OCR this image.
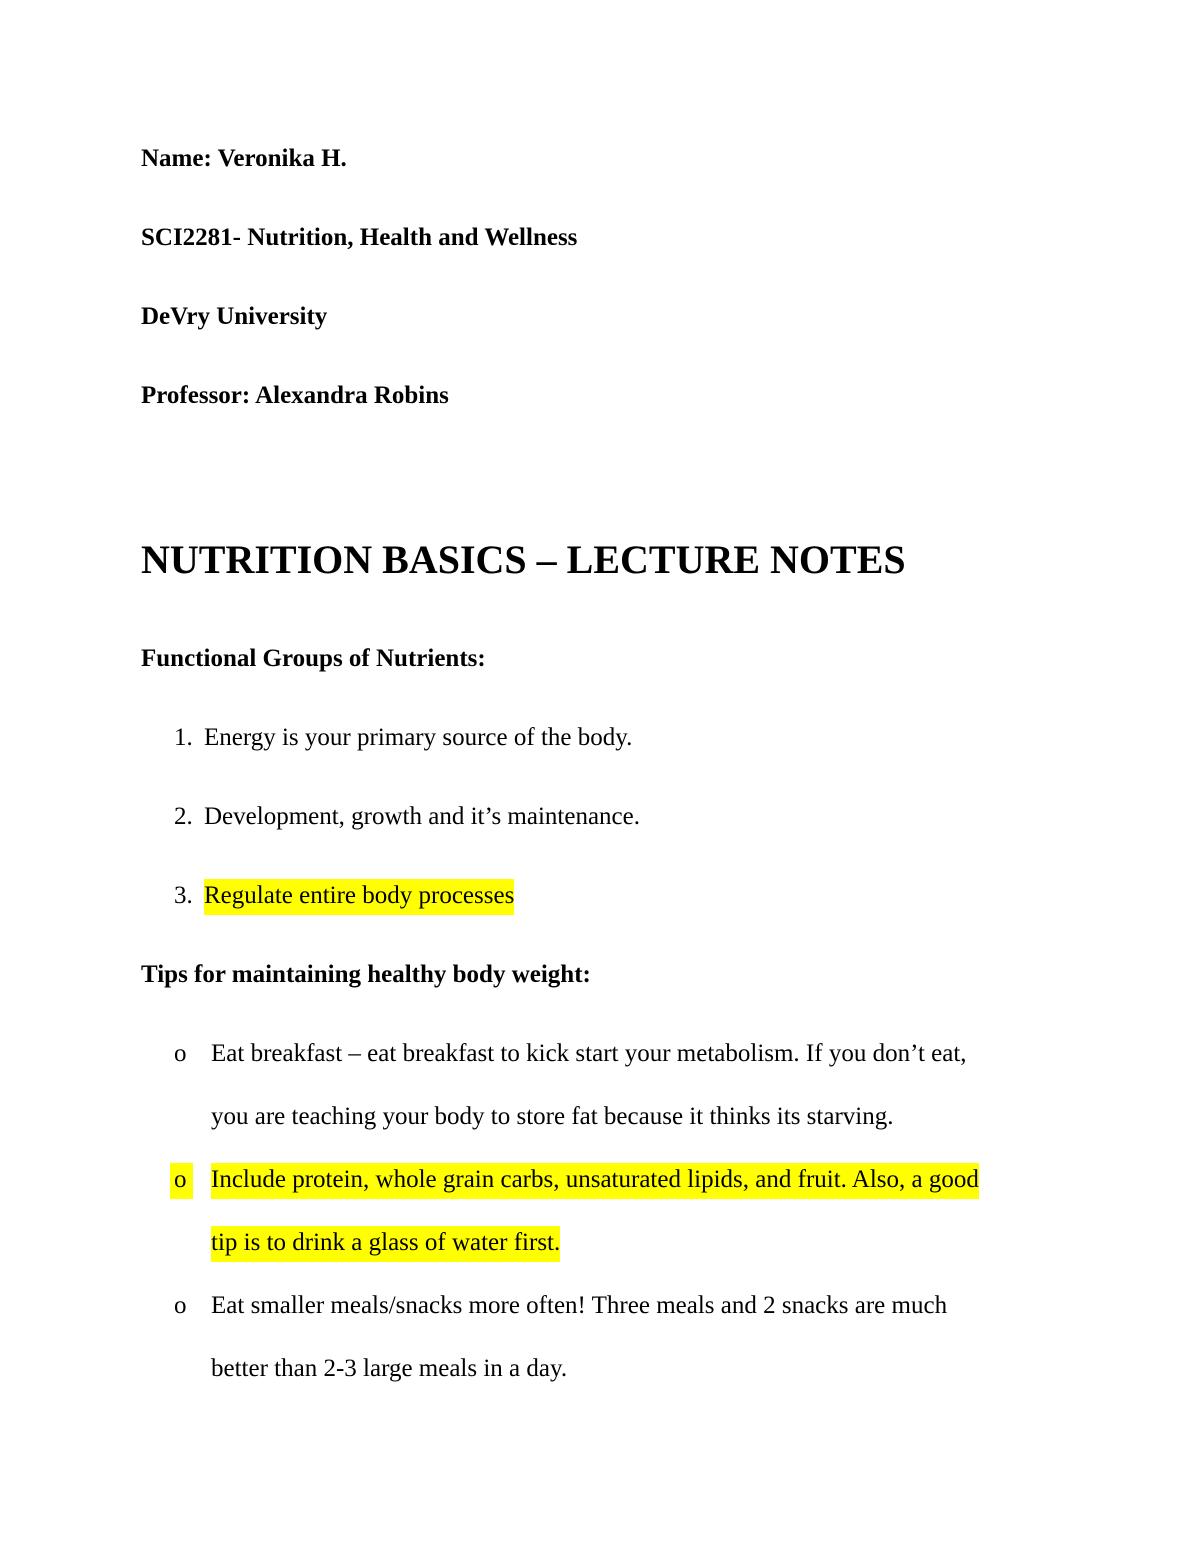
Name: Veronika H.
SCI2281- Nutrition, Health and Wellness
DeVry University
Professor: Alexandra Robins
NUTRITION BASICS – LECTURE NOTES
Functional Groups of Nutrients:
1. Energy is your primary source of the body.
2. Development, growth and it’s maintenance.
3. Regulate entire body processes
Tips for maintaining healthy body weight:
o Eat breakfast – eat breakfast to kick start your metabolism. If you don’t eat,
you are teaching your body to store fat because it thinks its starving.
o Include protein, whole grain carbs, unsaturated lipids, and fruit. Also, a good
tip is to drink a glass of water first.
o Eat smaller meals/snacks more often! Three meals and 2 snacks are much
better than 2-3 large meals in a day.
